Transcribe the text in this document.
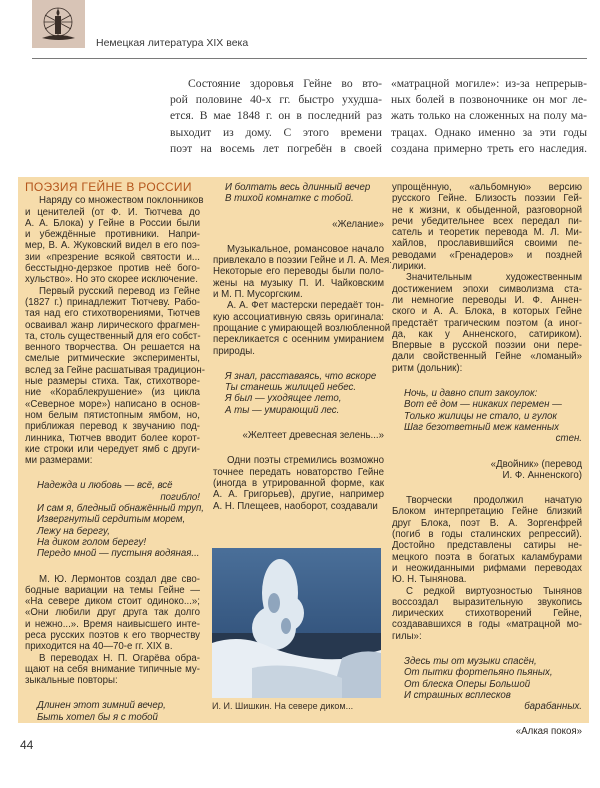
Немецкая литература XIX века
Состояние здоровья Гейне во вто-
рой половине 40-х гг. быстро ухудша-
ется. В мае 1848 г. он в последний раз
выходит из дому. С этого времени
поэт на восемь лет погребён в своей
«матрацной могиле»: из-за непрерыв-
ных болей в позвоночнике он мог ле-
жать только на сложенных на полу ма-
трацах. Однако именно за эти годы
создана примерно треть его наследия.
ПОЭЗИЯ ГЕЙНЕ В РОССИИ
Наряду со множеством поклонников
и ценителей (от Ф. И. Тютчева до
А. А. Блока) у Гейне в России были
и убеждённые противники. Напри-
мер, В. А. Жуковский видел в его поэ-
зии «презрение всякой святости и...
бесстыдно-дерзкое против неё бого-
хульство». Но это скорее исключение.
Первый русский перевод из Гейне
(1827 г.) принадлежит Тютчеву. Рабо-
тая над его стихотворениями, Тютчев
осваивал жанр лирического фрагмен-
та, столь существенный для его собст-
венного творчества. Он решается на
смелые ритмические эксперименты,
вслед за Гейне расшатывая традицион-
ные размеры стиха. Так, стихотворе-
ние «Кораблекрушение» (из цикла
«Северное море») написано в основ-
ном белым пятистопным ямбом, но,
приближая перевод к звучанию под-
линника, Тютчев вводит более корот-
кие строки или чередует ямб с други-
ми размерами:
Надежда и любовь — всё, всё
погибло!
И сам я, бледный обнажённый труп,
Извергнутый сердитым морем,
Лежу на берегу,
На диком голом берегу!
Передо мной — пустыня водяная...
М. Ю. Лермонтов создал две сво-
бодные вариации на темы Гейне —
«На севере диком стоит одиноко...»;
«Они любили друг друга так долго
и нежно...». Время наивысшего инте-
реса русских поэтов к его творчеству
приходится на 40—70-е гг. XIX в.
В переводах Н. П. Огарёва обра-
щают на себя внимание типичные му-
зыкальные повторы:
Длинен этот зимний вечер,
Быть хотел бы я с тобой
И болтать весь длинный вечер
В тихой комнатке с тобой.
«Желание»
Музыкальное, романсовое начало
привлекало в поэзии Гейне и Л. А. Мея.
Некоторые его переводы были поло-
жены на музыку П. И. Чайковским
и М. П. Мусоргским.
А. А. Фет мастерски передаёт тон-
кую ассоциативную связь оригинала:
прощание с умирающей возлюбленной
перекликается с осенним умиранием
природы.
Я знал, расставаясь, что вскоре
Ты станешь жилицей небес.
Я был — уходящее лето,
А ты — умирающий лес.
«Желтеет древесная зелень...»
Одни поэты стремились возможно
точнее передать новаторство Гейне
(иногда в утрированной форме, как
А. А. Григорьев), другие, например
А. Н. Плещеев, наоборот, создавали
упрощённую, «альбомную» версию
русского Гейне. Близость поэзии Гей-
не к жизни, к обыденной, разговорной
речи убедительнее всех передал пи-
сатель и теоретик перевода М. Л. Ми-
хайлов, прославившийся своими пе-
реводами «Гренадеров» и поздней
лирики.
Значительным художественным
достижением эпохи символизма ста-
ли немногие переводы И. Ф. Аннен-
ского и А. А. Блока, в которых Гейне
предстаёт трагическим поэтом (а иног-
да, как у Анненского, сатириком).
Впервые в русской поэзии они пере-
дали свойственный Гейне «ломаный»
ритм (дольник):
Ночь, и давно спит закоулок:
Вот её дом — никаких перемен —
Только жилицы не стало, и гулок
Шаг безответный меж каменных
стен.
«Двойник» (перевод
И. Ф. Анненского)
Творчески продолжил начатую
Блоком интерпретацию Гейне близкий
друг Блока, поэт В. А. Зоргенфрей
(погиб в годы сталинских репрессий).
Достойно представлены сатиры не-
мецкого поэта в богатых каламбурами
и неожиданными рифмами переводах
Ю. Н. Тынянова.
С редкой виртуозностью Тынянов
воссоздал выразительную звукопись
лирических стихотворений Гейне,
создававшихся в годы «матрацной мо-
гилы»:
Здесь ты от музыки спасён,
От пытки фортепьяно пьяных,
От блеска Оперы Большой
И страшных всплесков
барабанных.
«Алкая покоя»
И. И. Шишкин. На севере диком...
44
